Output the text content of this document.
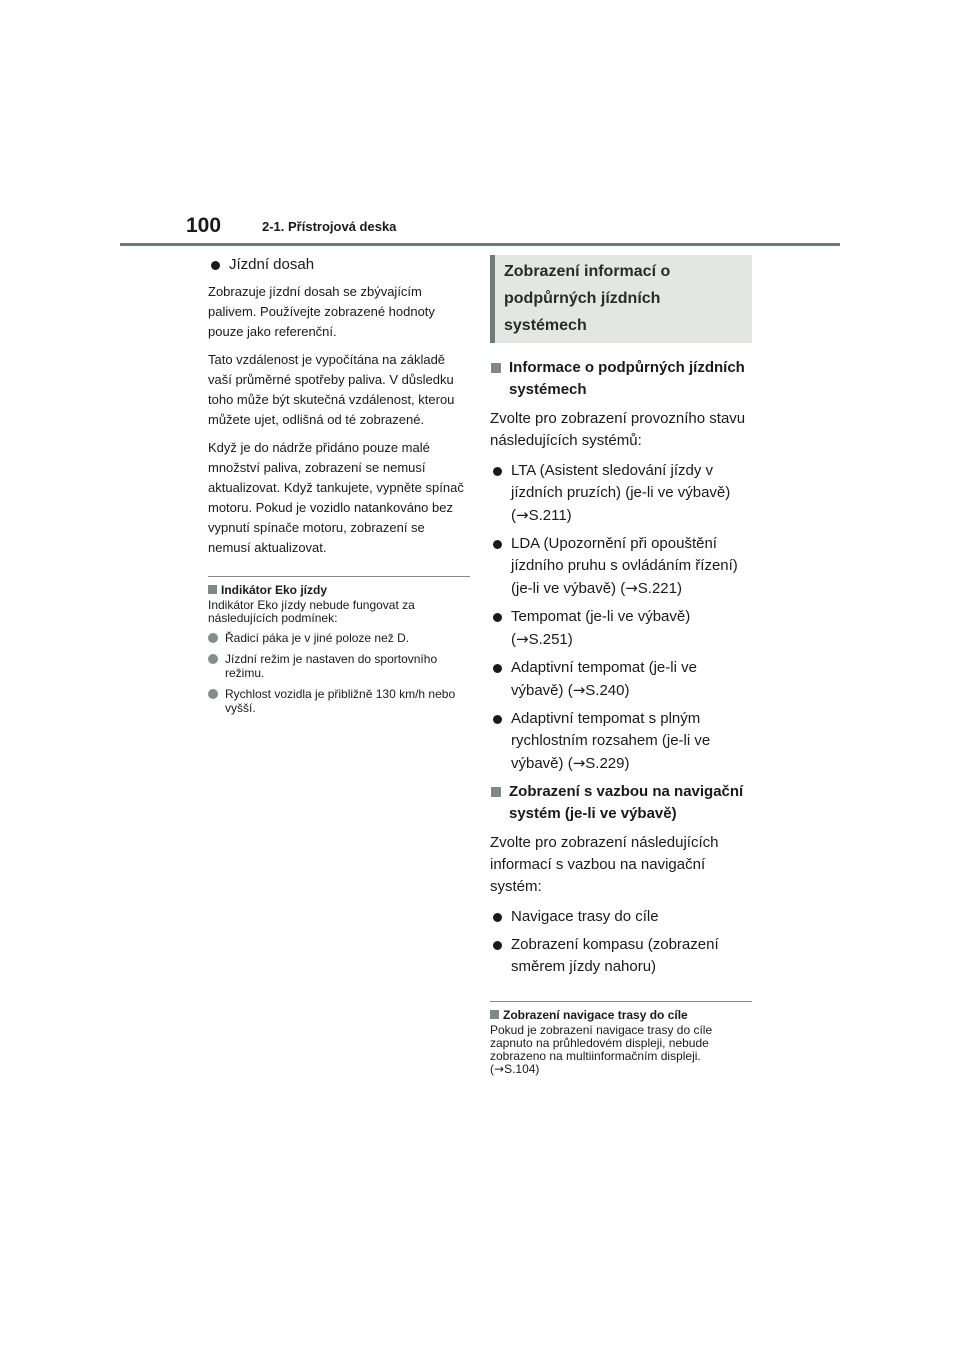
100	2-1. Přístrojová deska
Jízdní dosah

Zobrazuje jízdní dosah se zbývajícím palivem. Používejte zobrazené hodnoty pouze jako referenční.

Tato vzdálenost je vypočítána na základě vaší průměrné spotřeby paliva. V důsledku toho může být skutečná vzdálenost, kterou můžete ujet, odlišná od té zobrazené.

Když je do nádrže přidáno pouze malé množství paliva, zobrazení se nemusí aktualizovat. Když tankujete, vypněte spínač motoru. Pokud je vozidlo natankováno bez vypnutí spínače motoru, zobrazení se nemusí aktualizovat.

Indikátor Eko jízdy

Indikátor Eko jízdy nebude fungovat za následujících podmínek:

Řadicí páka je v jiné poloze než D.
Jízdní režim je nastaven do sportovního režimu.
Rychlost vozidla je přibližně 130 km/h nebo vyšší.
Zobrazení informací o podpůrných jízdních systémech
Informace o podpůrných jízdních systémech

Zvolte pro zobrazení provozního stavu následujících systémů:

LTA (Asistent sledování jízdy v jízdních pruzích) (je-li ve výbavě) (→S.211)
LDA (Upozornění při opouštění jízdního pruhu s ovládáním řízení) (je-li ve výbavě) (→S.221)
Tempomat (je-li ve výbavě) (→S.251)
Adaptivní tempomat (je-li ve výbavě) (→S.240)
Adaptivní tempomat s plným rychlostním rozsahem (je-li ve výbavě) (→S.229)
Zobrazení s vazbou na navigační systém (je-li ve výbavě)

Zvolte pro zobrazení následujících informací s vazbou na navigační systém:

Navigace trasy do cíle
Zobrazení kompasu (zobrazení směrem jízdy nahoru)
Zobrazení navigace trasy do cíle

Pokud je zobrazení navigace trasy do cíle zapnuto na průhledovém displeji, nebude zobrazeno na multiinformačním displeji. (→S.104)
